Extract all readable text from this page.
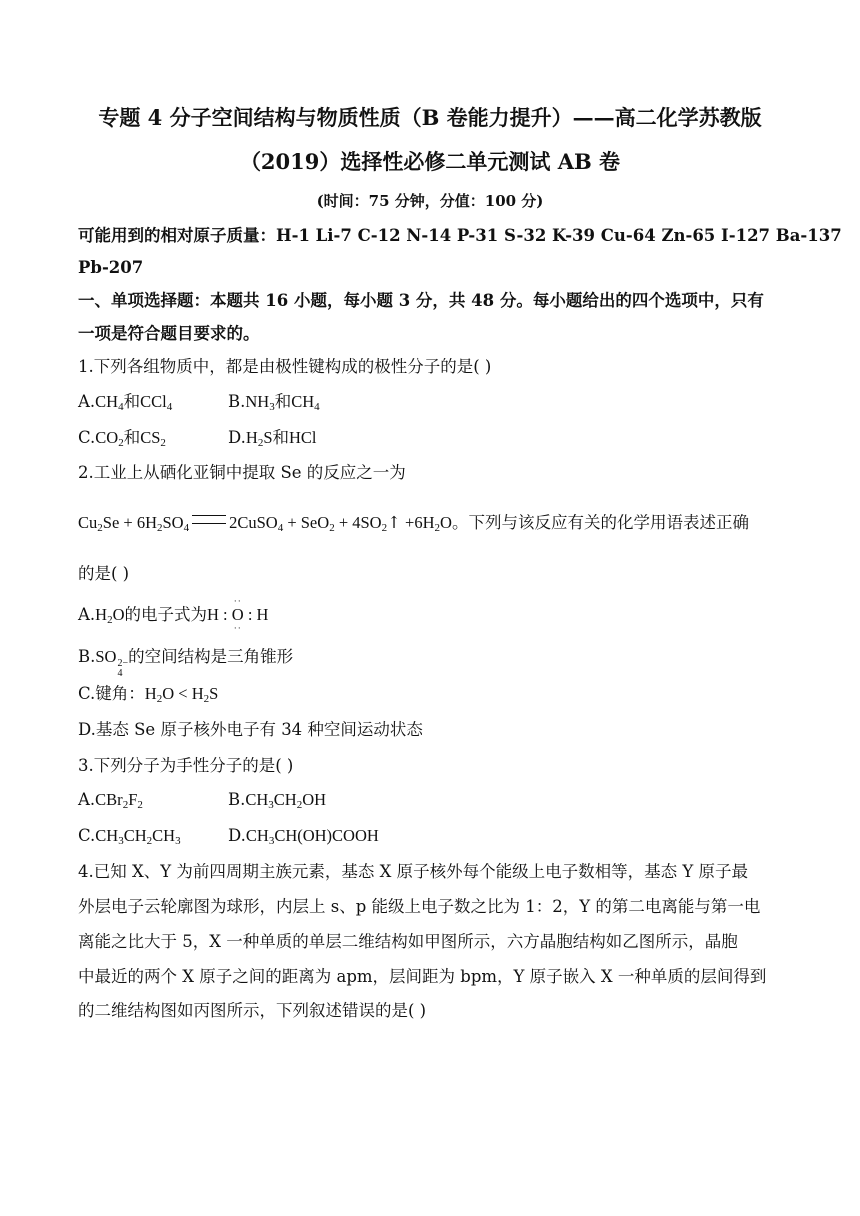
专题 4 分子空间结构与物质性质（B 卷能力提升）——高二化学苏教版
（2019）选择性必修二单元测试 AB 卷
(时间：75 分钟，分值：100 分)
可能用到的相对原子质量：H-1 Li-7 C-12 N-14 P-31 S-32 K-39 Cu-64 Zn-65 I-127 Ba-137
Pb-207
一、单项选择题：本题共 16 小题，每小题 3 分，共 48 分。每小题给出的四个选项中，只有
一项是符合题目要求的。
1.下列各组物质中，都是由极性键构成的极性分子的是( )
$A.CH_4$和CCl$_4$	$B.NH_3$和$CH_4$
$C.CO_2$和$CS_2$	$D.H_2S$和HCl
2.工业上从硒化亚铜中提取 Se 的反应之一为
$Cu_2Se + 6H_2SO_4$ 2CuSO$_4$ + $SeO_2 + 4SO_2↑ +6H_2O$。下列与该反应有关的化学用语表述正确
的是( )
$A.H_2O$的电子式为H : O
··
··
: H
B.SO 2−
4
的空间结构是三角锥形
C.键角：$H_2O < H_2S$
D.基态 Se 原子核外电子有 34 种空间运动状态
3.下列分子为手性分子的是( )
$A.CBr_2F_2$	$B.CH_3CH_2OH$
$C.CH_3CH_2CH_3$	$D.CH_3CH(OH)COOH$
4.已知 X、Y 为前四周期主族元素，基态 X 原子核外每个能级上电子数相等，基态 Y 原子最
外层电子云轮廓图为球形，内层上 s、p 能级上电子数之比为 1：2，Y 的第二电离能与第一电
离能之比大于 5，X 一种单质的单层二维结构如甲图所示，六方晶胞结构如乙图所示，晶胞
中最近的两个 X 原子之间的距离为 apm，层间距为 bpm，Y 原子嵌入 X 一种单质的层间得到
的二维结构图如丙图所示，下列叙述错误的是( )
